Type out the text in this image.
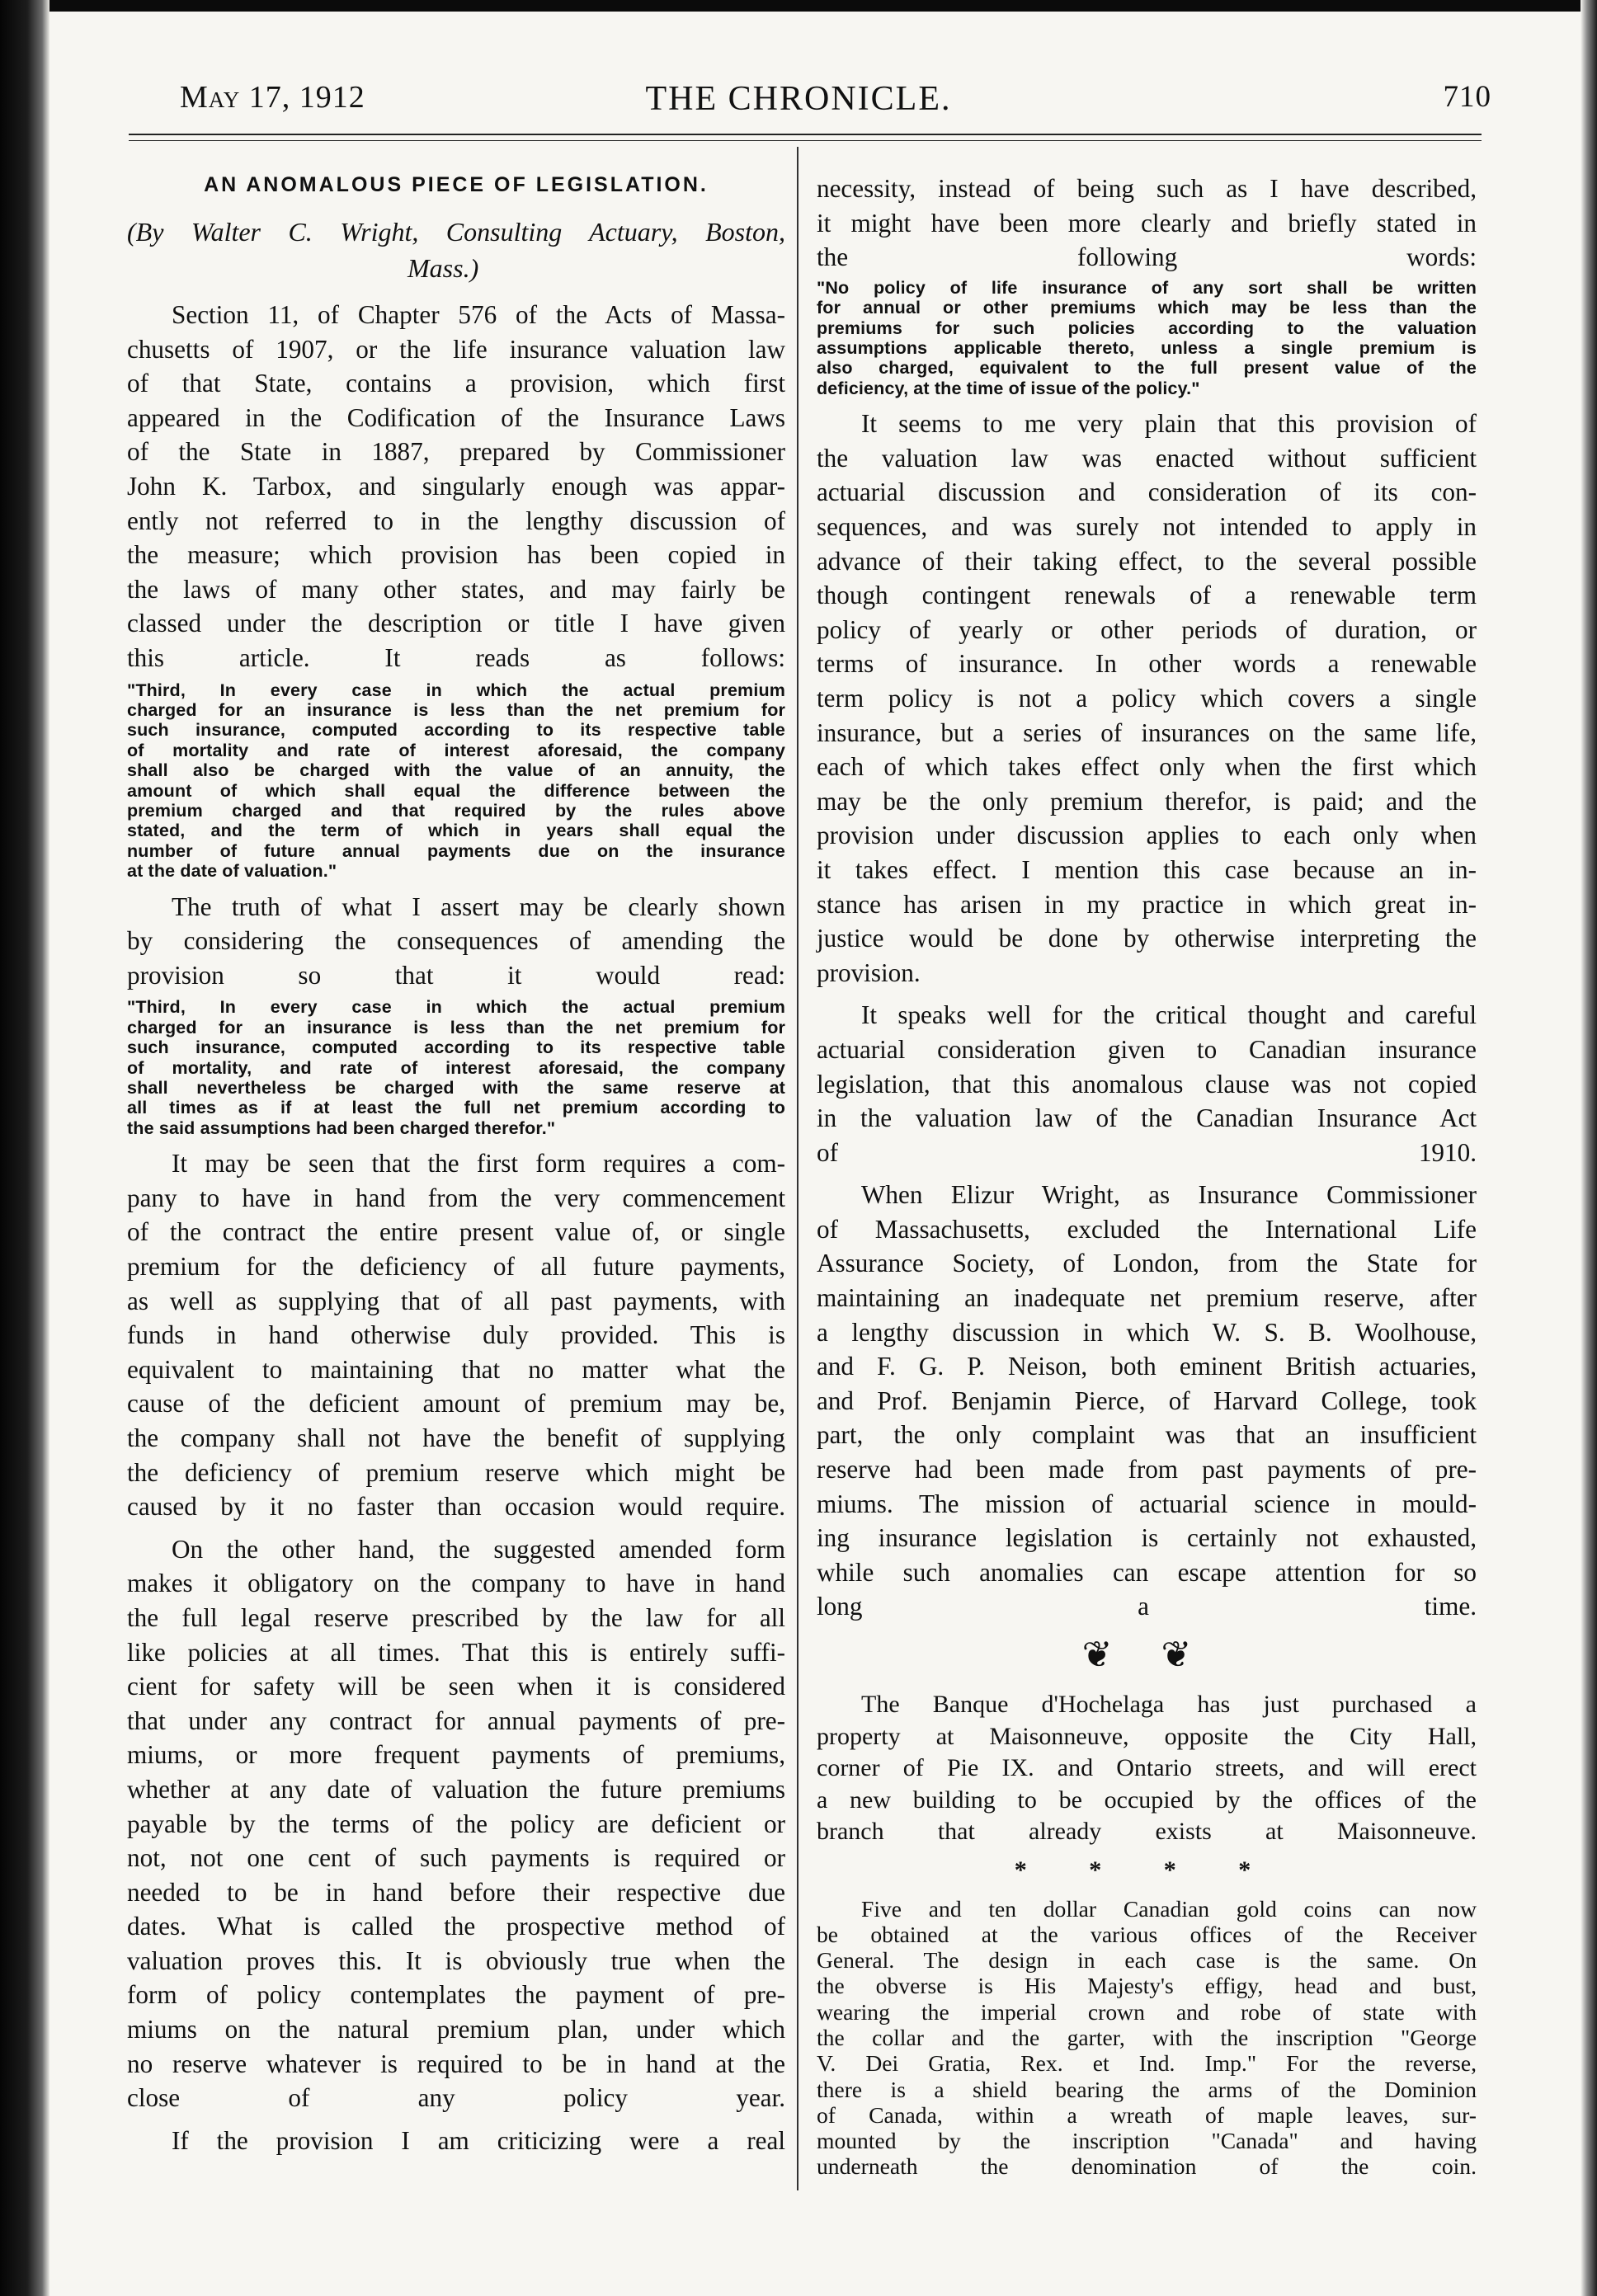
THE CHRONICLE.
May 17, 1912	710
AN ANOMALOUS PIECE OF LEGISLATION.
(By Walter C. Wright, Consulting Actuary, Boston,
Mass.)
Section 11, of Chapter 576 of the Acts of Massa-
chusetts of 1907, or the life insurance valuation law
of that State, contains a provision, which first
appeared in the Codification of the Insurance Laws
of the State in 1887, prepared by Commissioner
John K. Tarbox, and singularly enough was appar-
ently not referred to in the lengthy discussion of
the measure; which provision has been copied in
the laws of many other states, and may fairly be
classed under the description or title I have given
this article. It reads as follows:
"Third, In every case in which the actual premium
charged for an insurance is less than the net premium for
such insurance, computed according to its respective table
of mortality and rate of interest aforesaid, the company
shall also be charged with the value of an annuity, the
amount of which shall equal the difference between the
premium charged and that required by the rules above
stated, and the term of which in years shall equal the
number of future annual payments due on the insurance
at the date of valuation."
The truth of what I assert may be clearly shown
by considering the consequences of amending the
provision so that it would read:
"Third, In every case in which the actual premium
charged for an insurance is less than the net premium for
such insurance, computed according to its respective table
of mortality, and rate of interest aforesaid, the company
shall nevertheless be charged with the same reserve at
all times as if at least the full net premium according to
the said assumptions had been charged therefor."
It may be seen that the first form requires a com-
pany to have in hand from the very commencement
of the contract the entire present value of, or single
premium for the deficiency of all future payments,
as well as supplying that of all past payments, with
funds in hand otherwise duly provided. This is
equivalent to maintaining that no matter what the
cause of the deficient amount of premium may be,
the company shall not have the benefit of supplying
the deficiency of premium reserve which might be
caused by it no faster than occasion would require.
On the other hand, the suggested amended form
makes it obligatory on the company to have in hand
the full legal reserve prescribed by the law for all
like policies at all times. That this is entirely suffi-
cient for safety will be seen when it is considered
that under any contract for annual payments of pre-
miums, or more frequent payments of premiums,
whether at any date of valuation the future premiums
payable by the terms of the policy are deficient or
not, not one cent of such payments is required or
needed to be in hand before their respective due
dates. What is called the prospective method of
valuation proves this. It is obviously true when the
form of policy contemplates the payment of pre-
miums on the natural premium plan, under which
no reserve whatever is required to be in hand at the
close of any policy year.
If the provision I am criticizing were a real
necessity, instead of being such as I have described,
it might have been more clearly and briefly stated in
the following words:
"No policy of life insurance of any sort shall be written
for annual or other premiums which may be less than the
premiums for such policies according to the valuation
assumptions applicable thereto, unless a single premium is
also charged, equivalent to the full present value of the
deficiency, at the time of issue of the policy."
It seems to me very plain that this provision of
the valuation law was enacted without sufficient
actuarial discussion and consideration of its con-
sequences, and was surely not intended to apply in
advance of their taking effect, to the several possible
though contingent renewals of a renewable term
policy of yearly or other periods of duration, or
terms of insurance. In other words a renewable
term policy is not a policy which covers a single
insurance, but a series of insurances on the same life,
each of which takes effect only when the first which
may be the only premium therefor, is paid; and the
provision under discussion applies to each only when
it takes effect. I mention this case because an in-
stance has arisen in my practice in which great in-
justice would be done by otherwise interpreting the
provision.
It speaks well for the critical thought and careful
actuarial consideration given to Canadian insurance
legislation, that this anomalous clause was not copied
in the valuation law of the Canadian Insurance Act
of 1910.
When Elizur Wright, as Insurance Commissioner
of Massachusetts, excluded the International Life
Assurance Society, of London, from the State for
maintaining an inadequate net premium reserve, after
a lengthy discussion in which W. S. B. Woolhouse,
and F. G. P. Neison, both eminent British actuaries,
and Prof. Benjamin Pierce, of Harvard College, took
part, the only complaint was that an insufficient
reserve had been made from past payments of pre-
miums. The mission of actuarial science in mould-
ing insurance legislation is certainly not exhausted,
while such anomalies can escape attention for so
long a time.
❦ ❦
The Banque d'Hochelaga has just purchased a
property at Maisonneuve, opposite the City Hall,
corner of Pie IX. and Ontario streets, and will erect
a new building to be occupied by the offices of the
branch that already exists at Maisonneuve.
* * * *
Five and ten dollar Canadian gold coins can now
be obtained at the various offices of the Receiver
General. The design in each case is the same. On
the obverse is His Majesty's effigy, head and bust,
wearing the imperial crown and robe of state with
the collar and the garter, with the inscription "George
V. Dei Gratia, Rex. et Ind. Imp." For the reverse,
there is a shield bearing the arms of the Dominion
of Canada, within a wreath of maple leaves, sur-
mounted by the inscription "Canada" and having
underneath the denomination of the coin.
